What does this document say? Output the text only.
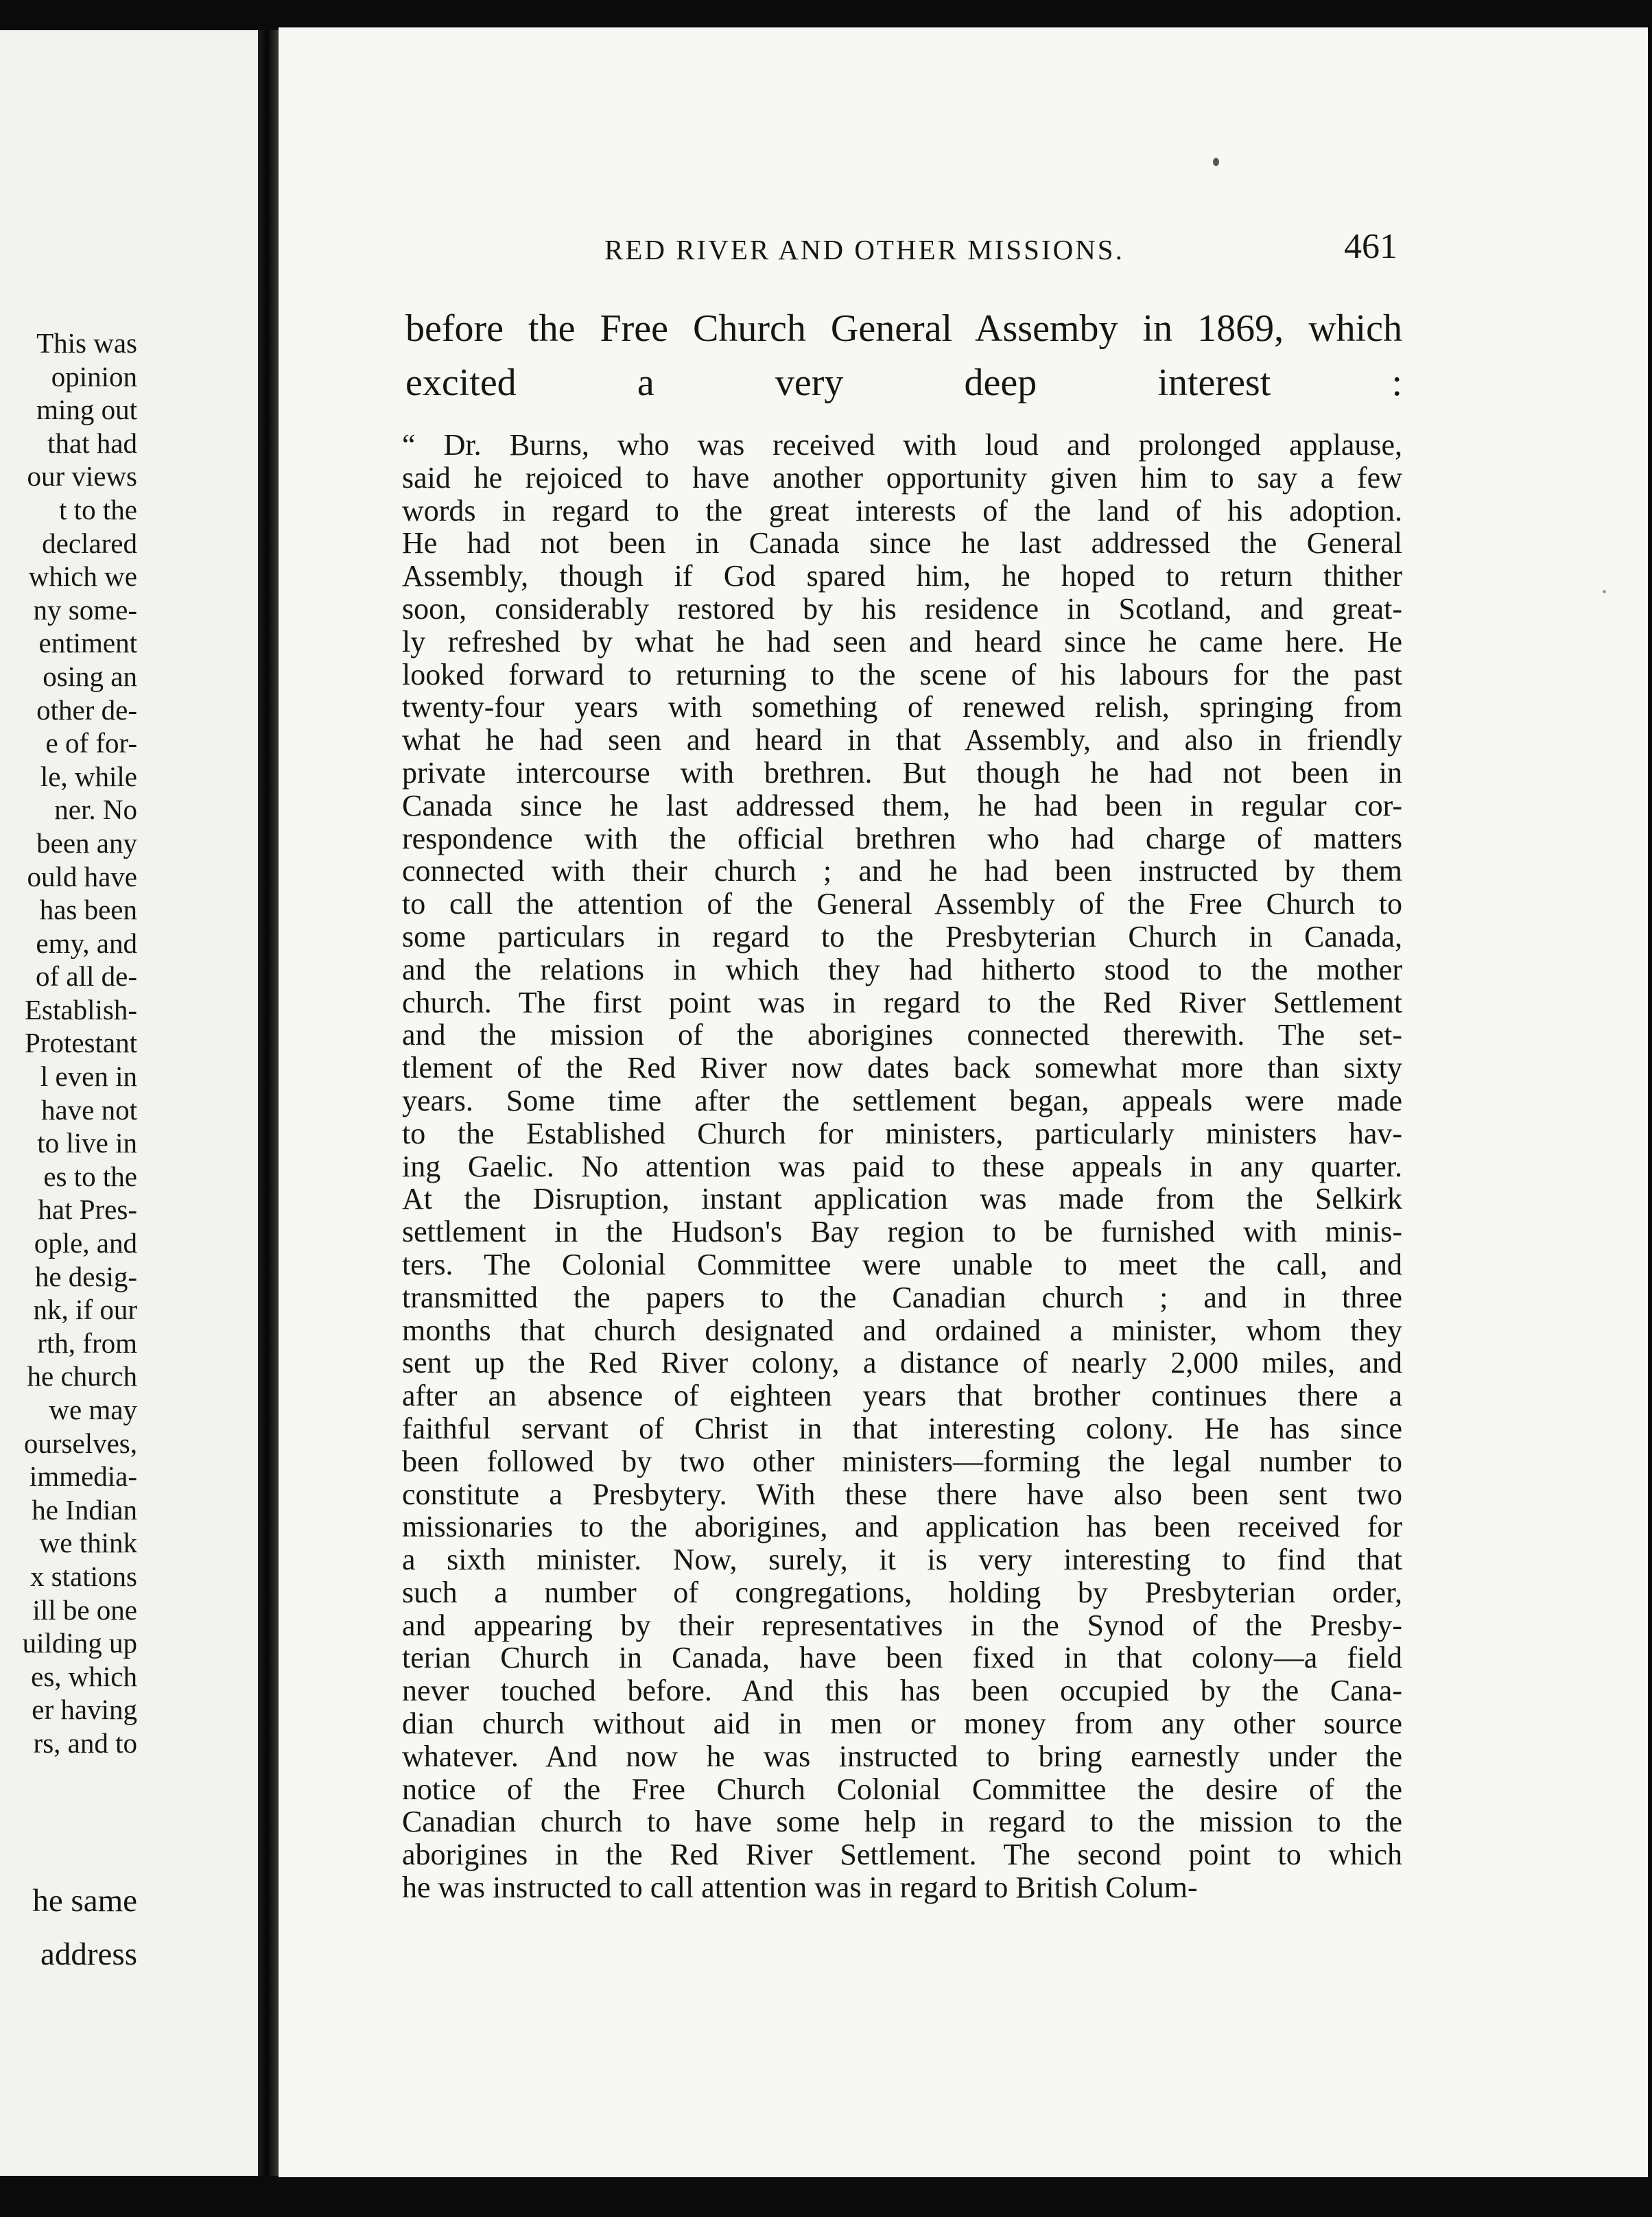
This was
opinion
ming out
that had
our views
t to the
declared
which we
ny some-
entiment
osing an
other de-
e of for-
le, while
ner. No
been any
ould have
has been
emy, and
of all de-
Establish-
Protestant
l even in
have not
to live in
es to the
hat Pres-
ople, and
he desig-
nk, if our
rth, from
he church
we may
ourselves,
immedia-
he Indian
we think
x stations
ill be one
uilding up
es, which
er having
rs, and to
he same
address
RED RIVER AND OTHER MISSIONS.	461
before the Free Church General Assemby in 1869, which
excited a very deep interest :
“ Dr. Burns, who was received with loud and prolonged applause,
said he rejoiced to have another opportunity given him to say a few
words in regard to the great interests of the land of his adoption.
He had not been in Canada since he last addressed the General
Assembly, though if God spared him, he hoped to return thither
soon, considerably restored by his residence in Scotland, and great-
ly refreshed by what he had seen and heard since he came here. He
looked forward to returning to the scene of his labours for the past
twenty-four years with something of renewed relish, springing from
what he had seen and heard in that Assembly, and also in friendly
private intercourse with brethren. But though he had not been in
Canada since he last addressed them, he had been in regular cor-
respondence with the official brethren who had charge of matters
connected with their church ; and he had been instructed by them
to call the attention of the General Assembly of the Free Church to
some particulars in regard to the Presbyterian Church in Canada,
and the relations in which they had hitherto stood to the mother
church. The first point was in regard to the Red River Settlement
and the mission of the aborigines connected therewith. The set-
tlement of the Red River now dates back somewhat more than sixty
years. Some time after the settlement began, appeals were made
to the Established Church for ministers, particularly ministers hav-
ing Gaelic. No attention was paid to these appeals in any quarter.
At the Disruption, instant application was made from the Selkirk
settlement in the Hudson's Bay region to be furnished with minis-
ters. The Colonial Committee were unable to meet the call, and
transmitted the papers to the Canadian church ; and in three
months that church designated and ordained a minister, whom they
sent up the Red River colony, a distance of nearly 2,000 miles, and
after an absence of eighteen years that brother continues there a
faithful servant of Christ in that interesting colony. He has since
been followed by two other ministers—forming the legal number to
constitute a Presbytery. With these there have also been sent two
missionaries to the aborigines, and application has been received for
a sixth minister. Now, surely, it is very interesting to find that
such a number of congregations, holding by Presbyterian order,
and appearing by their representatives in the Synod of the Presby-
terian Church in Canada, have been fixed in that colony—a field
never touched before. And this has been occupied by the Cana-
dian church without aid in men or money from any other source
whatever. And now he was instructed to bring earnestly under the
notice of the Free Church Colonial Committee the desire of the
Canadian church to have some help in regard to the mission to the
aborigines in the Red River Settlement. The second point to which
he was instructed to call attention was in regard to British Colum-
